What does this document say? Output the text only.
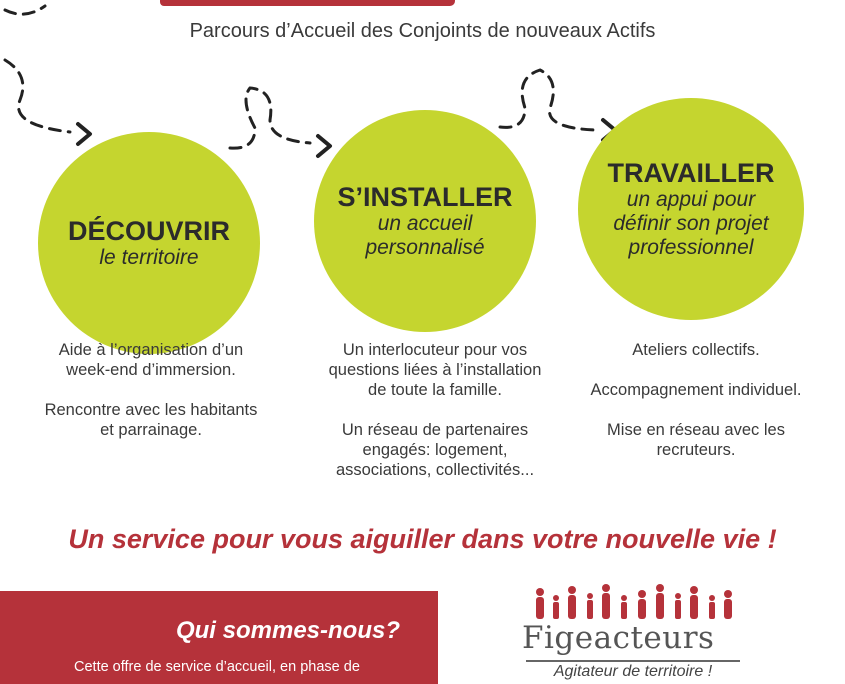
Parcours d’Accueil des Conjoints de nouveaux Actifs
DÉCOUVRIR
le territoire
S’INSTALLER
un accueil
personnalisé
TRAVAILLER
un appui pour
définir son projet
professionnel

Aide à l’organisation d’un
week-end d’immersion.

Rencontre avec les habitants
et parrainage.

Un interlocuteur pour vos
questions liées à l’installation
de toute la famille.

Un réseau de partenaires
engagés: logement,
associations, collectivités...

Ateliers collectifs.

Accompagnement individuel.

Mise en réseau avec les
recruteurs.

Un service pour vous aiguiller dans votre nouvelle vie !
Qui sommes-nous?
Cette offre de service d’accueil, en phase de
Figeacteurs
Agitateur de territoire !
